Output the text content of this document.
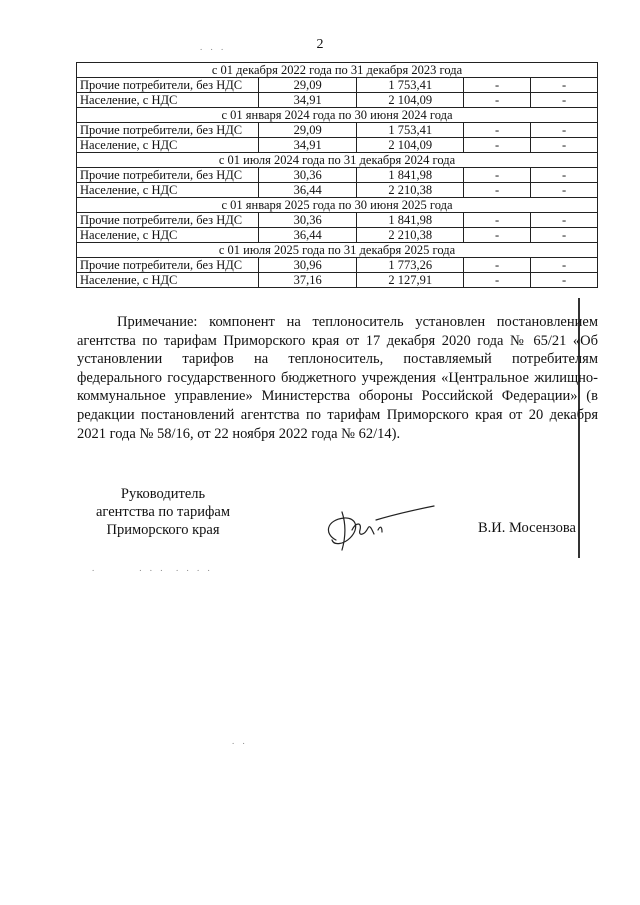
2
. . .
.        . . .  . . . .
. .
с 01 декабря 2022 года по 31 декабря 2023 года				
Прочие потребители, без НДС	29,09	1 753,41	-	-
Население, с НДС	34,91	2 104,09	-	-
с 01 января 2024 года по 30 июня 2024 года				
Прочие потребители, без НДС	29,09	1 753,41	-	-
Население, с НДС	34,91	2 104,09	-	-
с 01 июля 2024 года по 31 декабря 2024 года				
Прочие потребители, без НДС	30,36	1 841,98	-	-
Население, с НДС	36,44	2 210,38	-	-
с 01 января 2025 года по 30 июня 2025 года				
Прочие потребители, без НДС	30,36	1 841,98	-	-
Население, с НДС	36,44	2 210,38	-	-
с 01 июля 2025 года по 31 декабря 2025 года				
Прочие потребители, без НДС	30,96	1 773,26	-	-
Население, с НДС	37,16	2 127,91	-	-
Примечание: компонент на теплоноситель установлен постановлением агентства по тарифам Приморского края от 17 декабря 2020 года № 65/21 «Об установлении тарифов на теплоноситель, поставляемый потребителям федерального государственного бюджетного учреждения «Центральное жилищно-коммунальное управление» Министерства обороны Российской Федерации» (в редакции постановлений агентства по тарифам Приморского края от 20 декабря 2021 года № 58/16, от 22 ноября 2022 года № 62/14).
Руководитель
агентства по тарифам
Приморского края	В.И. Мосензова
